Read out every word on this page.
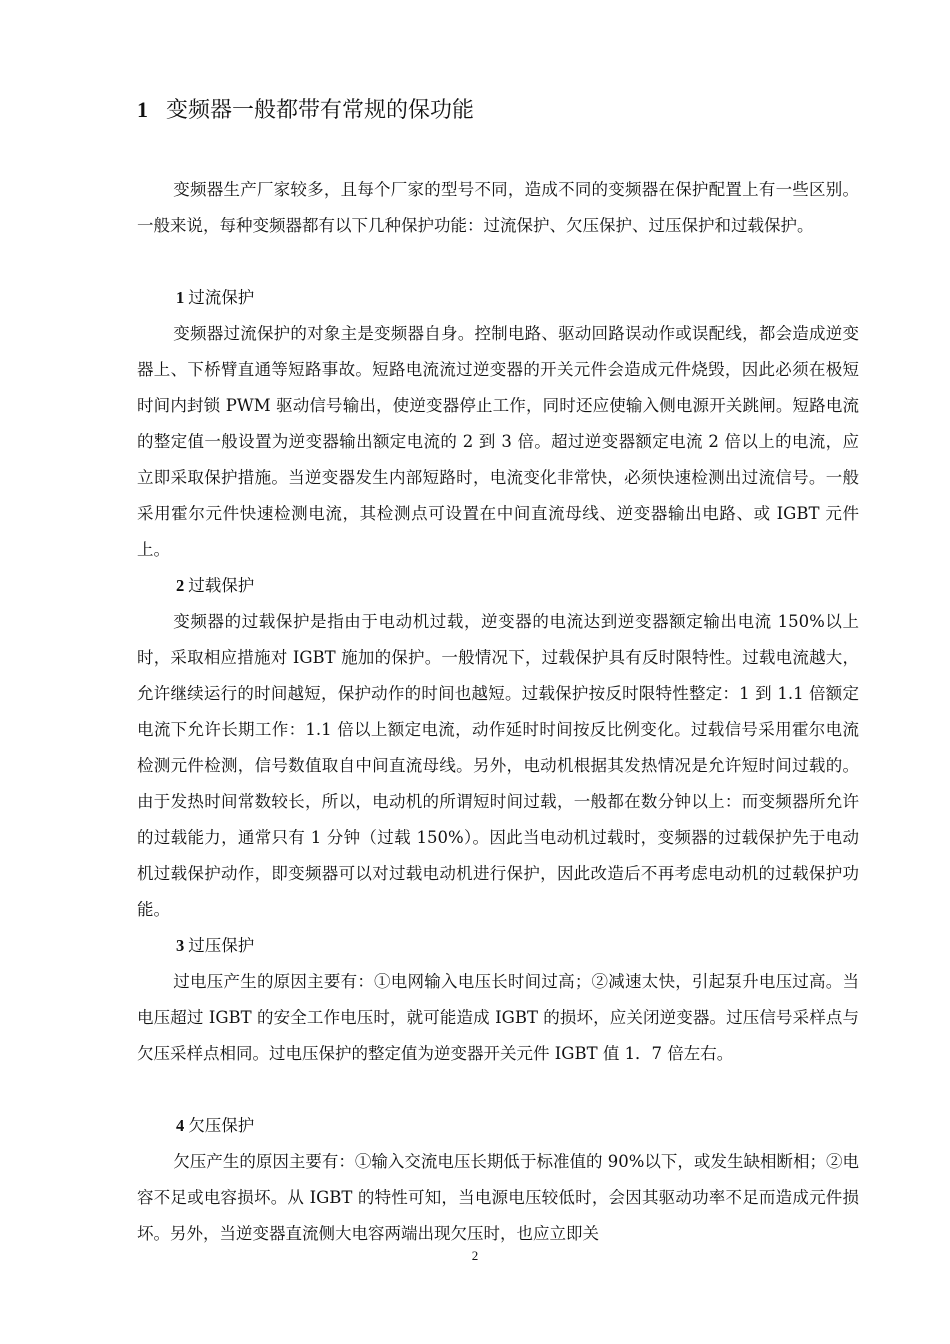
1 变频器一般都带有常规的保功能

变频器生产厂家较多，且每个厂家的型号不同，造成不同的变频器在保护配置上有一些区别。一般来说，每种变频器都有以下几种保护功能：过流保护、欠压保护、过压保护和过载保护。

1 过流保护

变频器过流保护的对象主是变频器自身。控制电路、驱动回路误动作或误配线，都会造成逆变器上、下桥臂直通等短路事故。短路电流流过逆变器的开关元件会造成元件烧毁，因此必须在极短时间内封锁 PWM 驱动信号输出，使逆变器停止工作，同时还应使输入侧电源开关跳闸。短路电流的整定值一般设置为逆变器输出额定电流的 2 到 3 倍。超过逆变器额定电流 2 倍以上的电流，应立即采取保护措施。当逆变器发生内部短路时，电流变化非常快，必须快速检测出过流信号。一般采用霍尔元件快速检测电流，其检测点可设置在中间直流母线、逆变器输出电路、或 IGBT 元件上。

2 过载保护

变频器的过载保护是指由于电动机过载，逆变器的电流达到逆变器额定输出电流 150%以上时，采取相应措施对 IGBT 施加的保护。一般情况下，过载保护具有反时限特性。过载电流越大，允许继续运行的时间越短，保护动作的时间也越短。过载保护按反时限特性整定：1 到 1.1 倍额定电流下允许长期工作：1.1 倍以上额定电流，动作延时时间按反比例变化。过载信号采用霍尔电流检测元件检测，信号数值取自中间直流母线。另外，电动机根据其发热情况是允许短时间过载的。由于发热时间常数较长，所以，电动机的所谓短时间过载，一般都在数分钟以上：而变频器所允许的过载能力，通常只有 1 分钟（过载 150%）。因此当电动机过载时，变频器的过载保护先于电动机过载保护动作，即变频器可以对过载电动机进行保护，因此改造后不再考虑电动机的过载保护功能。

3 过压保护

过电压产生的原因主要有：①电网输入电压长时间过高；②减速太快，引起泵升电压过高。当电压超过 IGBT 的安全工作电压时，就可能造成 IGBT 的损坏，应关闭逆变器。过压信号采样点与欠压采样点相同。过电压保护的整定值为逆变器开关元件 IGBT 值 1．7 倍左右。

4 欠压保护

欠压产生的原因主要有：①输入交流电压长期低于标准值的 90%以下，或发生缺相断相；②电容不足或电容损坏。从 IGBT 的特性可知，当电源电压较低时，会因其驱动功率不足而造成元件损坏。另外，当逆变器直流侧大电容两端出现欠压时，也应立即关

2
